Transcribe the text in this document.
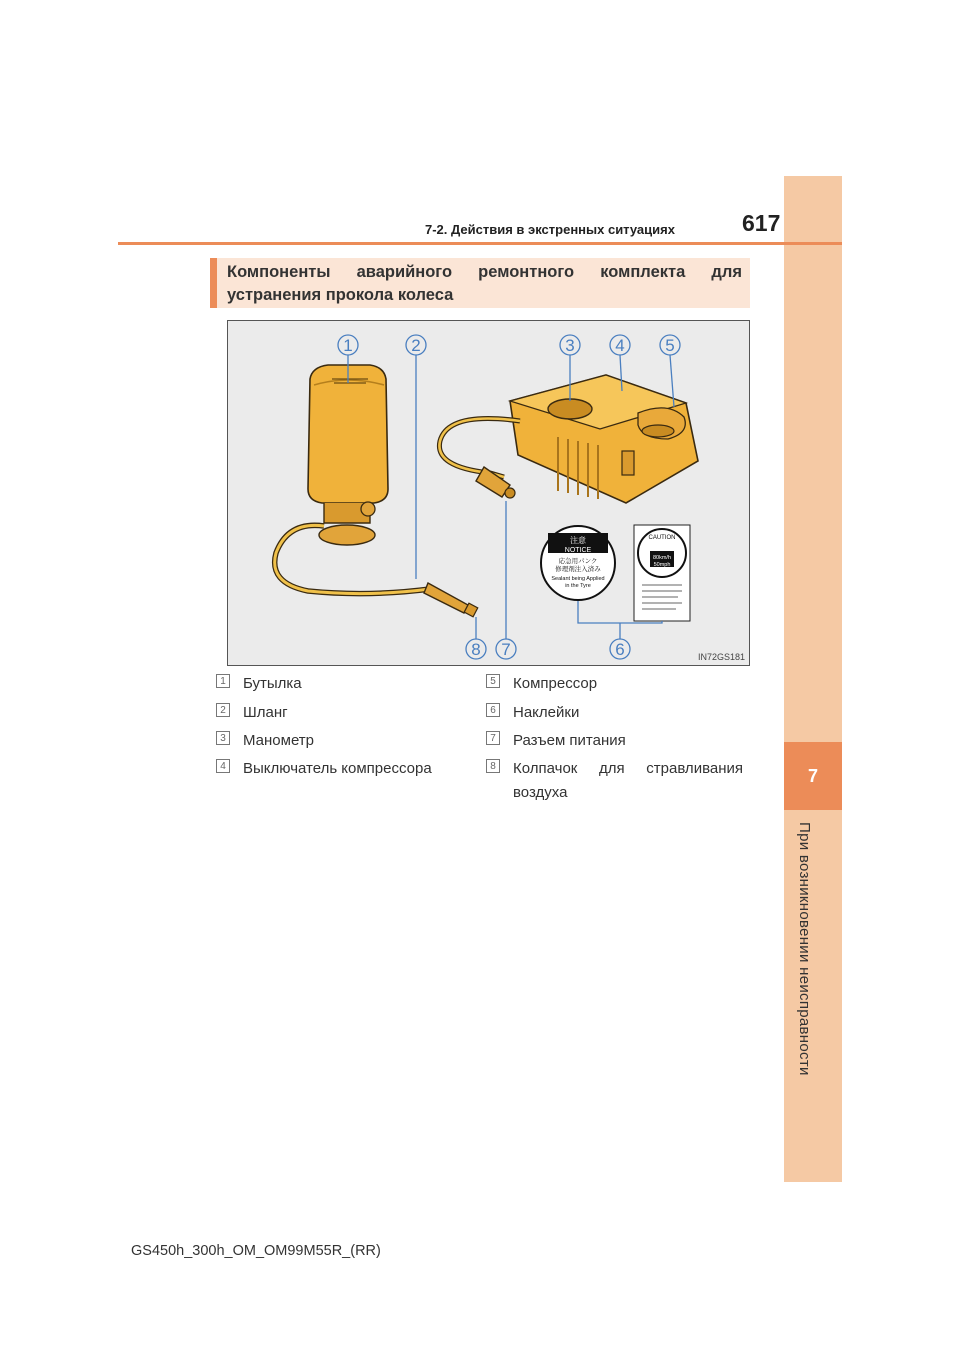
7
При возникновении неисправности
7-2. Действия в экстренных ситуациях	617
Компоненты аварийного ремонтного комплекта для устранения прокола колеса
注意
NOTICE
応急用パンク
修理剤注入済み
Sealant being Applied
in the Tyre
CAUTION
80km/h
50mph
1	2	3 4 5
6
7
8	IN72GS181
1 Бутылка
2 Шланг
3 Манометр
4 Выключатель компрессора
5 Компрессор
6 Наклейки
7 Разъем питания
8 Колпачок для стравливания воздуха
GS450h_300h_OM_OM99M55R_(RR)
